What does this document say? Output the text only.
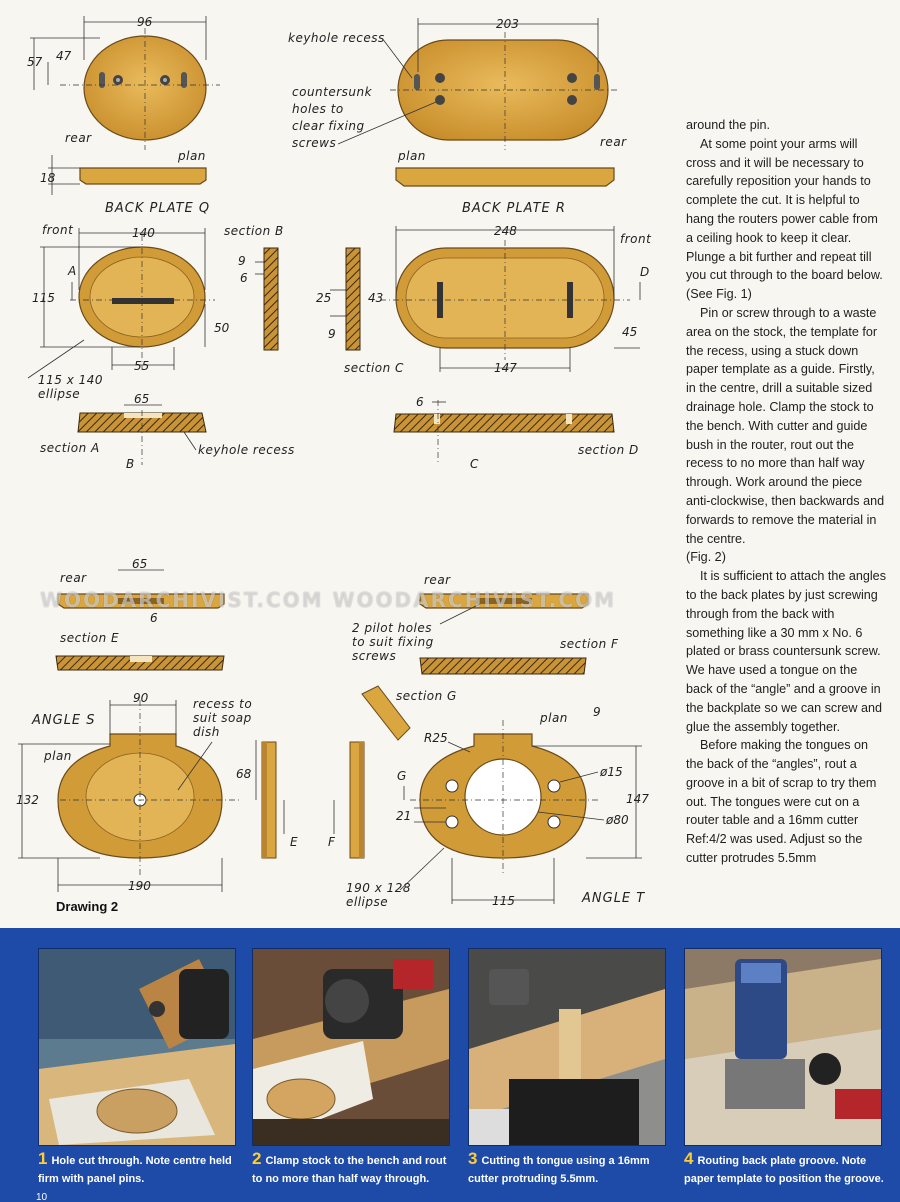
96
57 47
rear
plan
18
BACK PLATE Q
203
keyhole recess
countersunk
holes to
clear fixing
screws	rear
plan
BACK PLATE R
140
front	section B
115
A
50
55
115 x 140
ellipse
9
6
65
section A
B
keyhole recess
248
front
D
45
147
25	43
9
section C
6
C
section D
65
6
rear
section E
90
ANGLE S
plan
recess to
suit soap
dish
132
68
190
E
rear
2 pilot holes
to suit fixing
screws
section F
section G
plan
R25
9
ø15
147
ø80
G
21
F
190 x 128
ellipse	115	ANGLE T
WOODARCHIVIST.COM WOODARCHIVIST.COM
Drawing 2

around the pin.

At some point your arms will cross and it will be necessary to carefully reposition your hands to complete the cut. It is helpful to hang the routers power cable from a ceiling hook to keep it clear. Plunge a bit further and repeat till you cut through to the board below.

(See Fig. 1)

Pin or screw through to a waste area on the stock, the template for the recess, using a stuck down paper template as a guide. Firstly, in the centre, drill a suitable sized drainage hole. Clamp the stock to the bench. With cutter and guide bush in the router, rout out the recess to no more than half way through. Work around the piece anti-clockwise, then backwards and forwards to remove the material in the centre.

(Fig. 2)

It is sufficient to attach the angles to the back plates by just screwing through from the back with something like a 30 mm x No. 6 plated or brass countersunk screw. We have used a tongue on the back of the “angle” and a groove in the backplate so we can screw and glue the assembly together.

Before making the tongues on the back of the “angles”, rout a groove in a bit of scrap to try them out. The tongues were cut on a router table and a 16mm cutter Ref:4/2 was used. Adjust so the cutter protrudes 5.5mm

1 Hole cut through. Note centre held firm with panel pins.
2 Clamp stock to the bench and rout to no more than half way through.
3 Cutting th tongue using a 16mm cutter protruding 5.5mm.
4 Routing back plate groove. Note paper template to position the groove.
10
